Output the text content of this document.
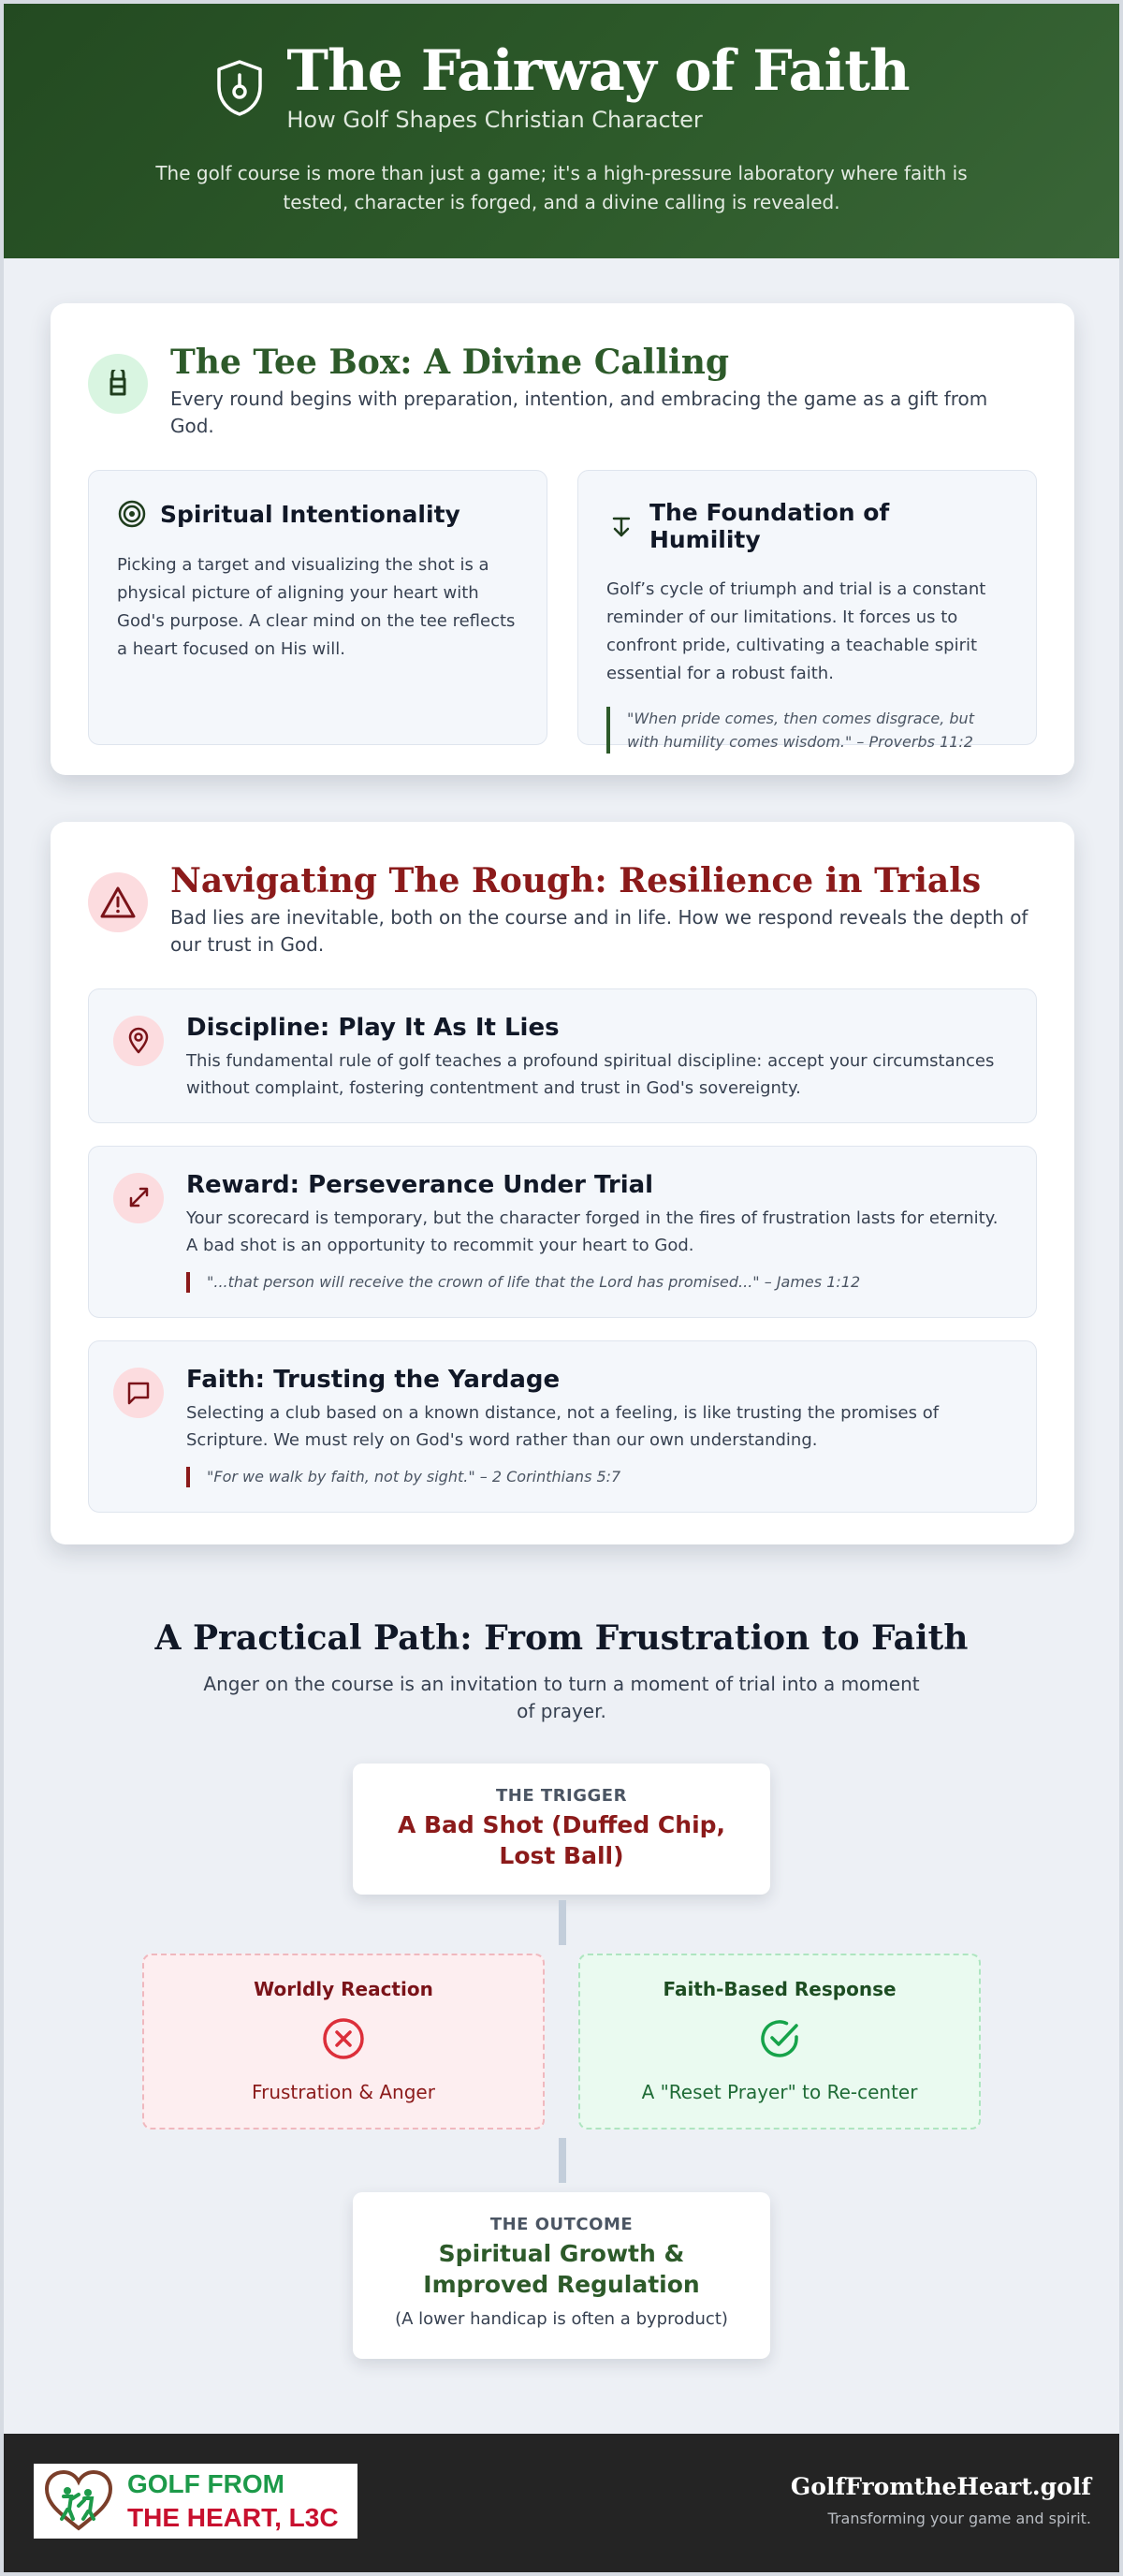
The Fairway of Faith
How Golf Shapes Christian Character

The golf course is more than just a game; it's a high-pressure laboratory where faith is tested, character is forged, and a divine calling is revealed.

The Tee Box: A Divine Calling

Every round begins with preparation, intention, and embracing the game as a gift from God.

Spiritual Intentionality

Picking a target and visualizing the shot is a physical picture of aligning your heart with God's purpose. A clear mind on the tee reflects a heart focused on His will.

The Foundation of Humility

Golf’s cycle of triumph and trial is a constant reminder of our limitations. It forces us to confront pride, cultivating a teachable spirit essential for a robust faith.

"When pride comes, then comes disgrace, but with humility comes wisdom." – Proverbs 11:2

Navigating The Rough: Resilience in Trials

Bad lies are inevitable, both on the course and in life. How we respond reveals the depth of our trust in God.

Discipline: Play It As It Lies

This fundamental rule of golf teaches a profound spiritual discipline: accept your circumstances without complaint, fostering contentment and trust in God's sovereignty.

Reward: Perseverance Under Trial

Your scorecard is temporary, but the character forged in the fires of frustration lasts for eternity. A bad shot is an opportunity to recommit your heart to God.

"...that person will receive the crown of life that the Lord has promised..." – James 1:12

Faith: Trusting the Yardage

Selecting a club based on a known distance, not a feeling, is like trusting the promises of Scripture. We must rely on God's word rather than our own understanding.

"For we walk by faith, not by sight." – 2 Corinthians 5:7

A Practical Path: From Frustration to Faith

Anger on the course is an invitation to turn a moment of trial into a moment of prayer.

THE TRIGGER
A Bad Shot (Duffed Chip, Lost Ball)
Worldly Reaction
Frustration & Anger
Faith-Based Response
A "Reset Prayer" to Re-center
THE OUTCOME
Spiritual Growth & Improved Regulation
(A lower handicap is often a byproduct)
GOLF FROM
THE HEART, L3C
GolfFromtheHeart.golf
Transforming your game and spirit.
